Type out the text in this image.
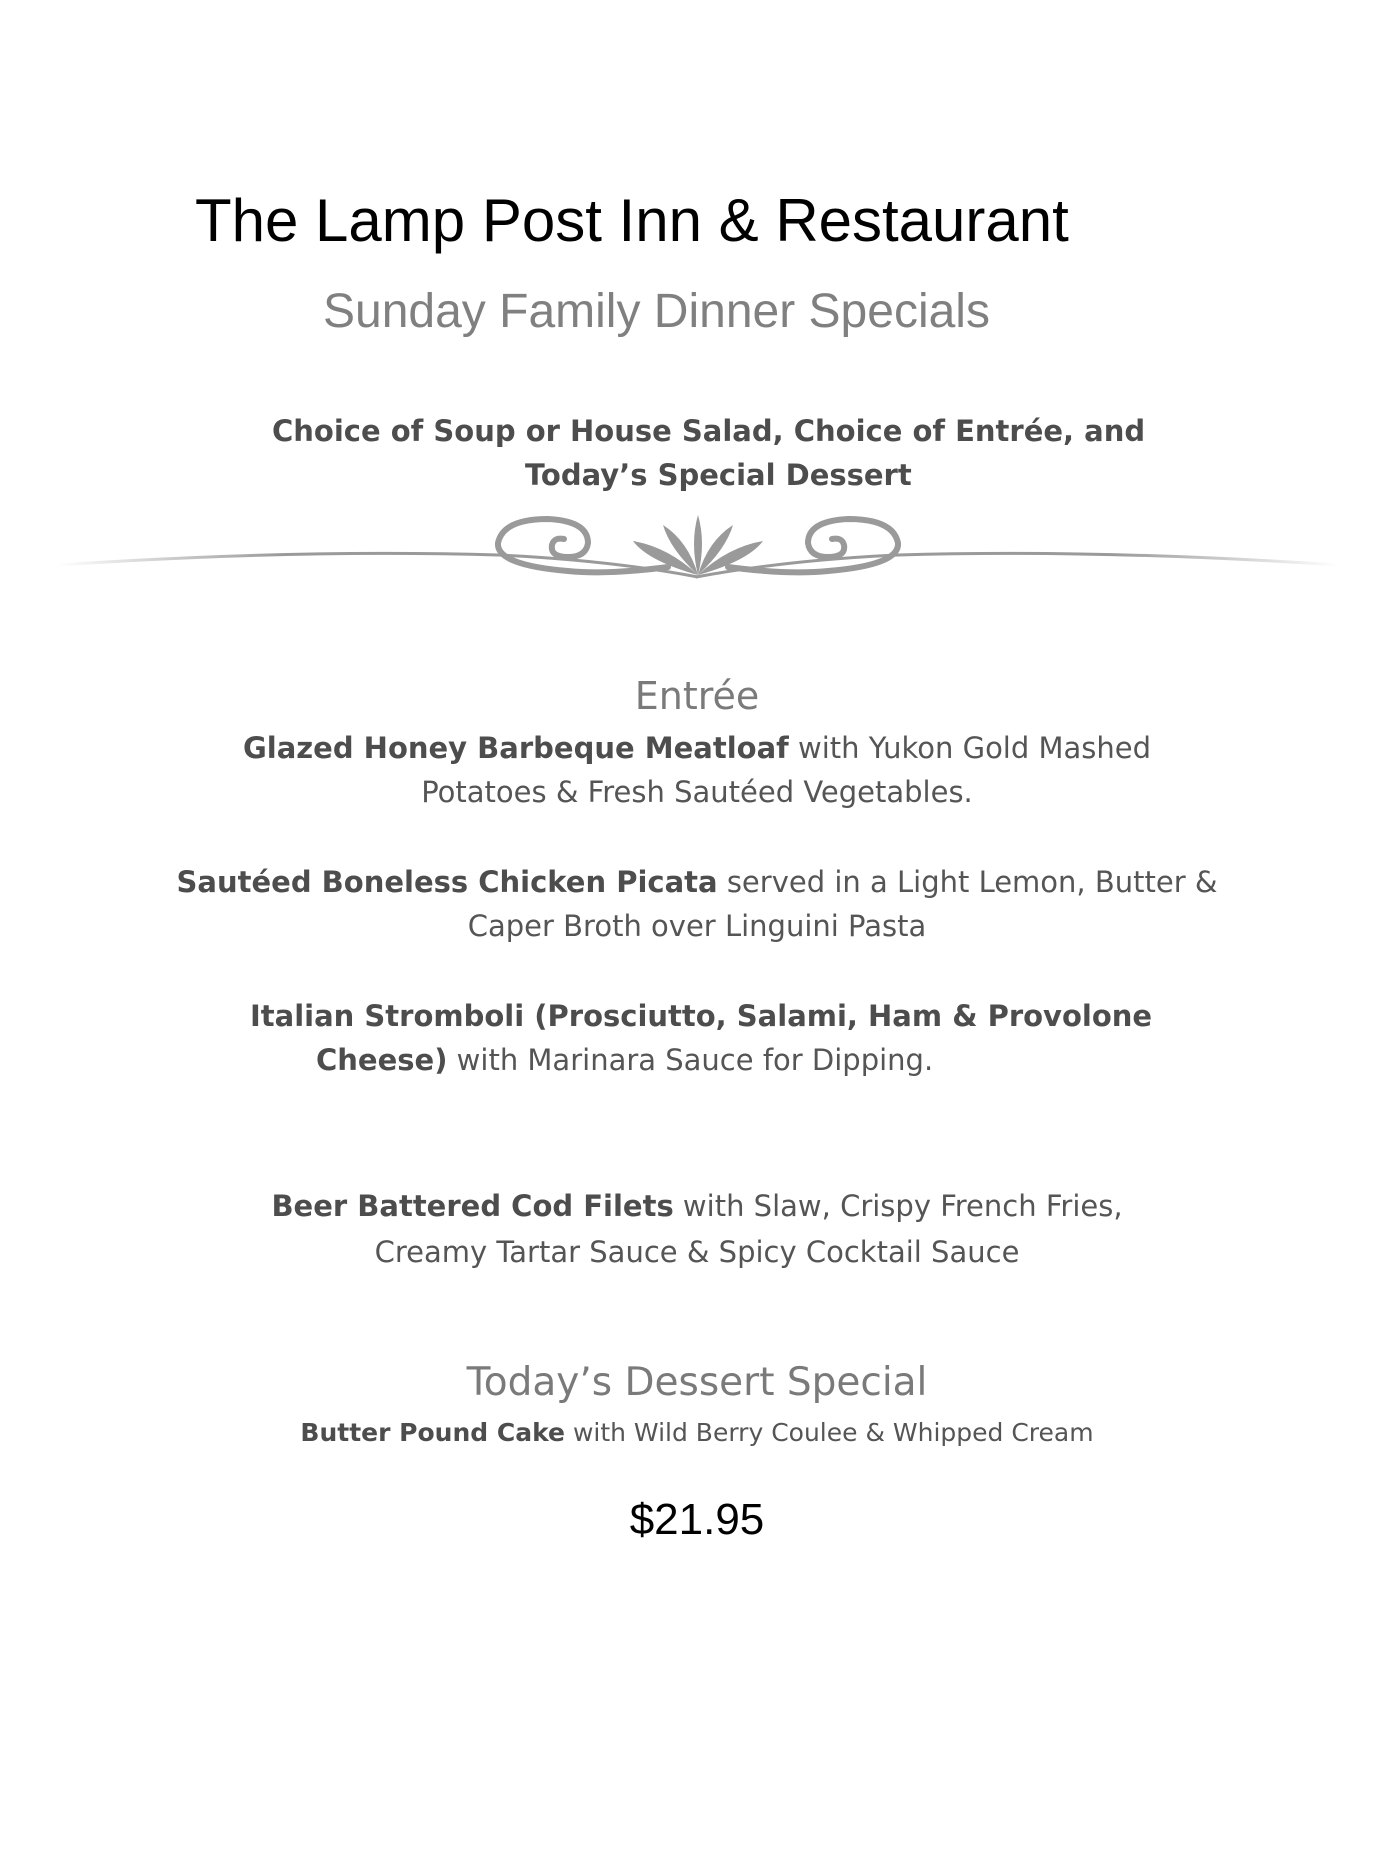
The Lamp Post Inn & Restaurant
Sunday Family Dinner Specials

Choice of Soup or House Salad, Choice of Entrée, and

Today’s Special Dessert

Entrée

Glazed Honey Barbeque Meatloaf with Yukon Gold Mashed

Potatoes & Fresh Sautéed Vegetables.

Sautéed Boneless Chicken Picata served in a Light Lemon, Butter &

Caper Broth over Linguini Pasta

Italian Stromboli (Prosciutto, Salami, Ham & Provolone

Cheese) with Marinara Sauce for Dipping.

Beer Battered Cod Filets with Slaw, Crispy French Fries,

Creamy Tartar Sauce & Spicy Cocktail Sauce

Today’s Dessert Special

Butter Pound Cake with Wild Berry Coulee & Whipped Cream

$21.95
